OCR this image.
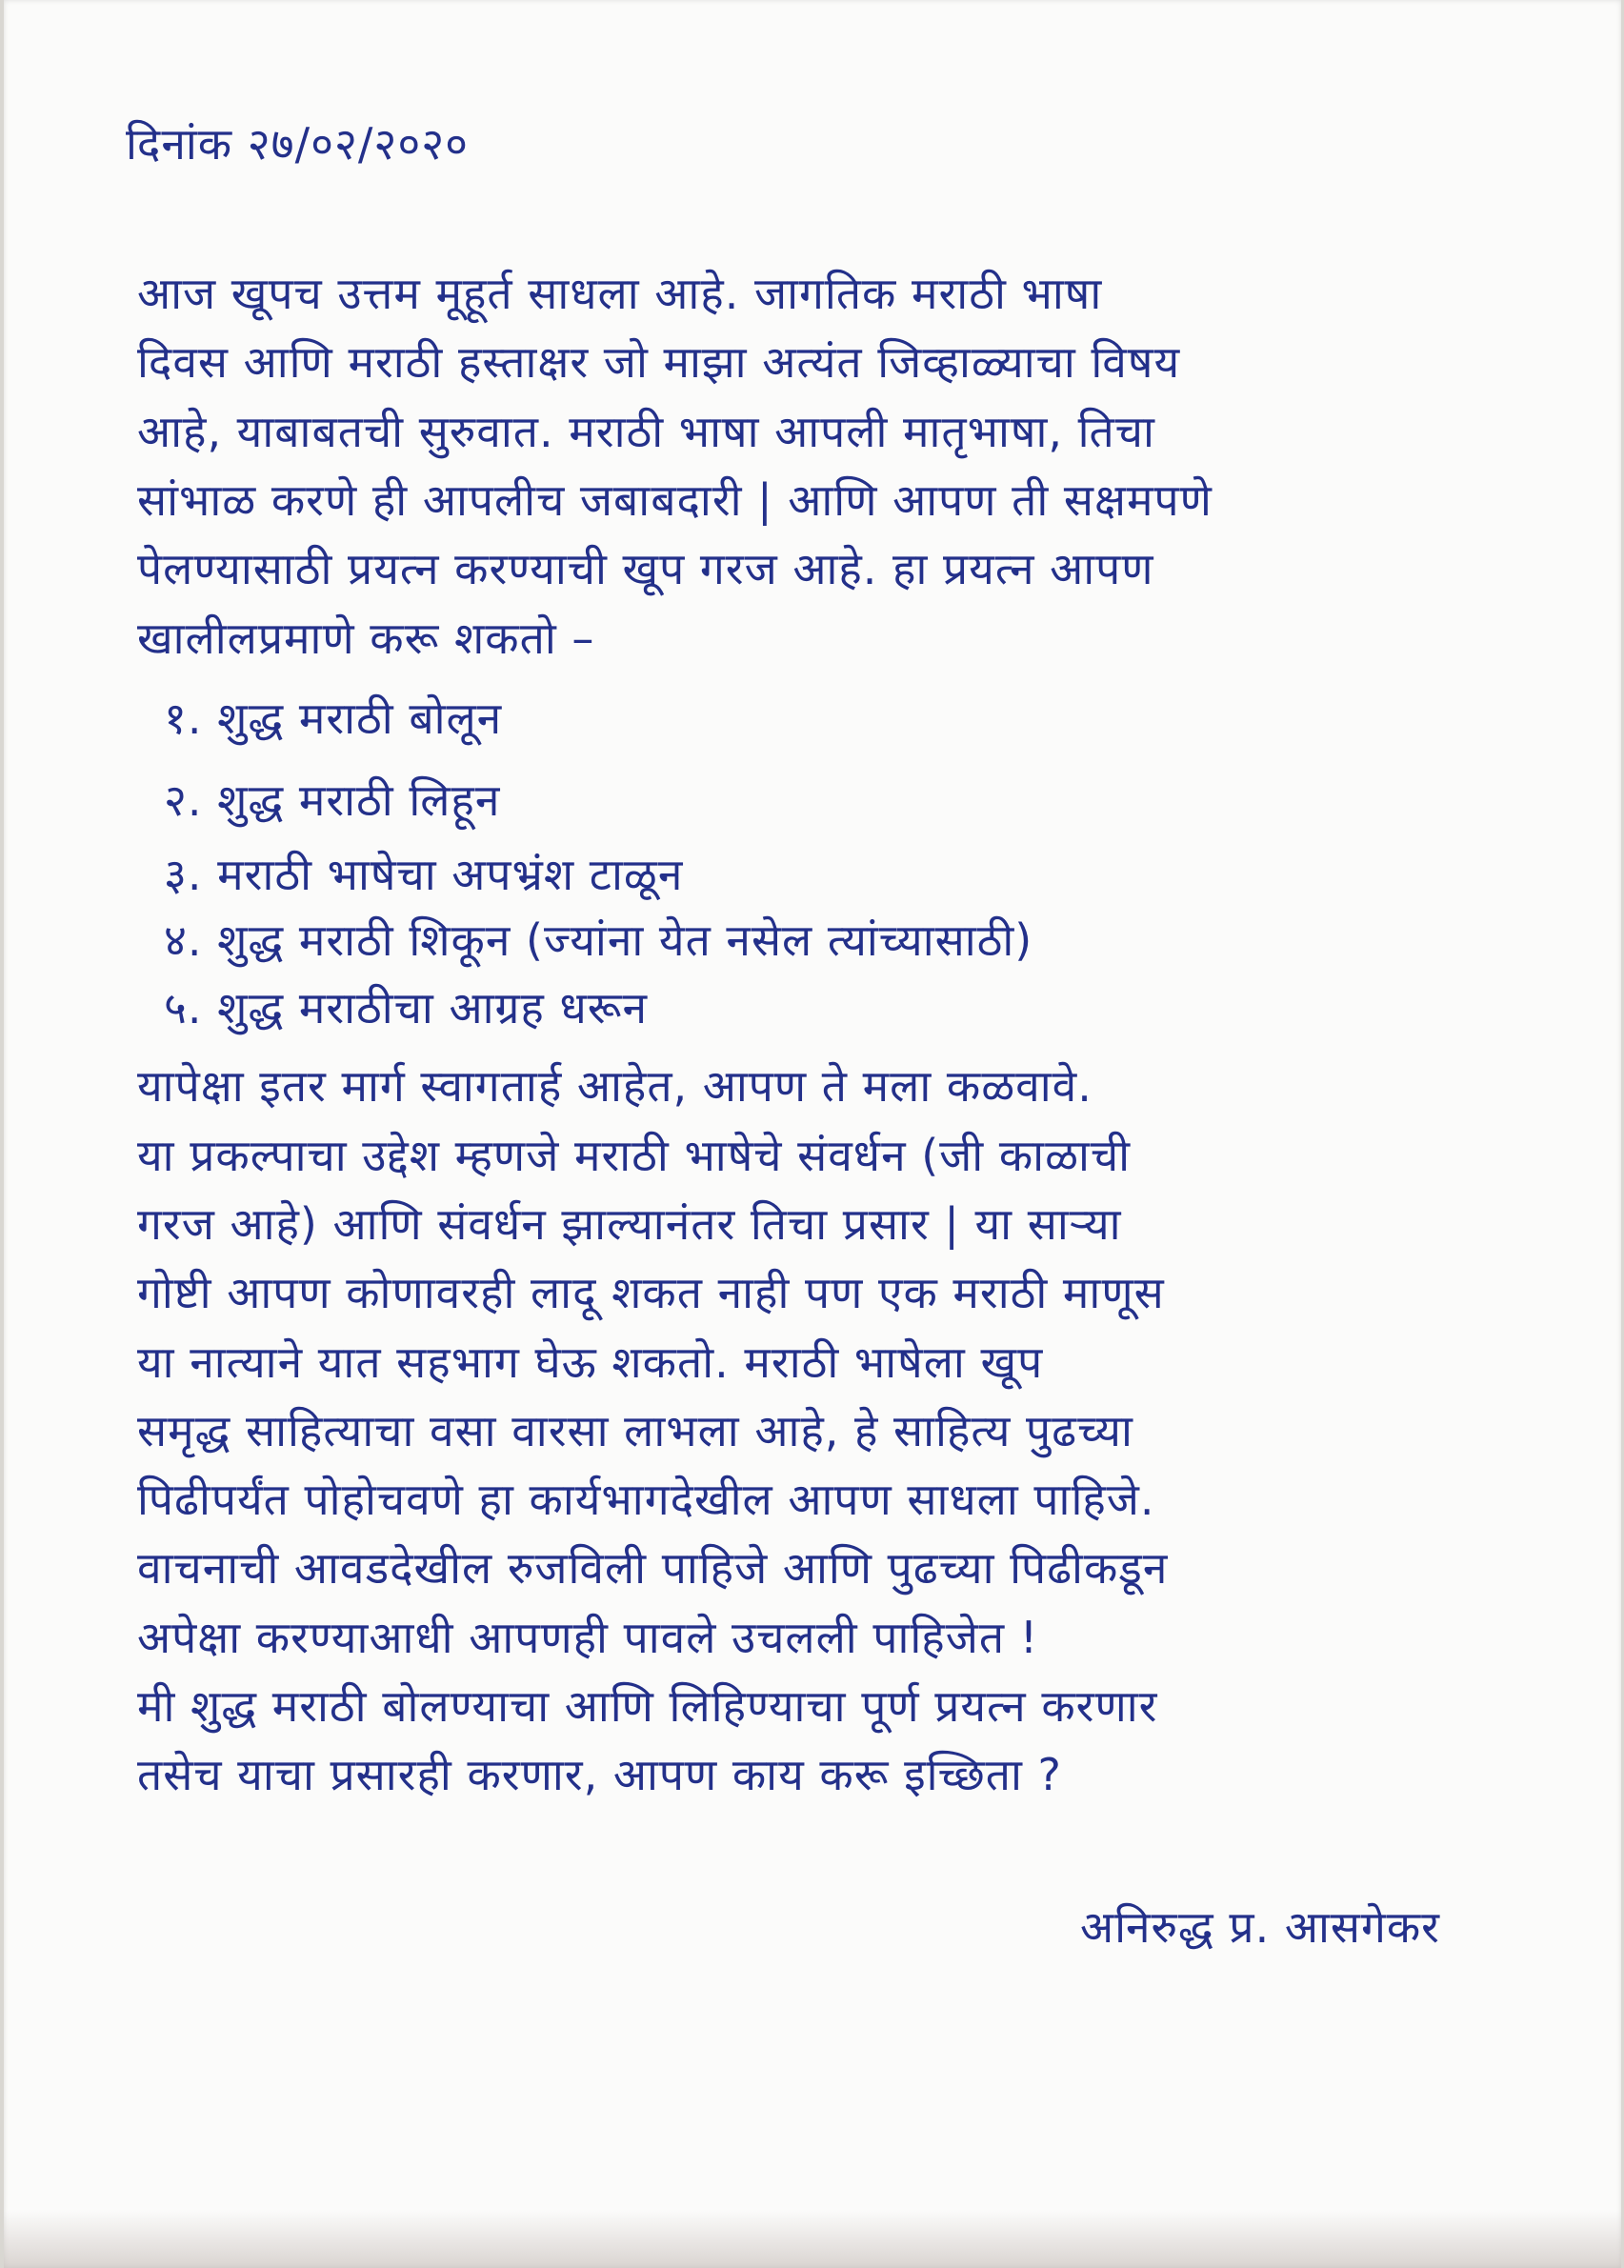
दिनांक २७/०२/२०२०
आज खूपच उत्तम मूहूर्त साधला आहे. जागतिक मराठी भाषा
दिवस आणि मराठी हस्ताक्षर जो माझा अत्यंत जिव्हाळ्याचा विषय
आहे, याबाबतची सुरुवात. मराठी भाषा आपली मातृभाषा, तिचा
सांभाळ करणे ही आपलीच जबाबदारी | आणि आपण ती सक्षमपणे
पेलण्यासाठी प्रयत्न करण्याची खूप गरज आहे. हा प्रयत्न आपण
खालीलप्रमाणे करू शकतो –
१. शुद्ध मराठी बोलून
२. शुद्ध मराठी लिहून
३. मराठी भाषेचा अपभ्रंश टाळून
४. शुद्ध मराठी शिकून (ज्यांना येत नसेल त्यांच्यासाठी)
५. शुद्ध मराठीचा आग्रह धरून
यापेक्षा इतर मार्ग स्वागतार्ह आहेत, आपण ते मला कळवावे.
या प्रकल्पाचा उद्देश म्हणजे मराठी भाषेचे संवर्धन (जी काळाची
गरज आहे) आणि संवर्धन झाल्यानंतर तिचा प्रसार | या साऱ्या
गोष्टी आपण कोणावरही लादू शकत नाही पण एक मराठी माणूस
या नात्याने यात सहभाग घेऊ शकतो. मराठी भाषेला खूप
समृद्ध साहित्याचा वसा वारसा लाभला आहे, हे साहित्य पुढच्या
पिढीपर्यंत पोहोचवणे हा कार्यभागदेखील आपण साधला पाहिजे.
वाचनाची आवडदेखील रुजविली पाहिजे आणि पुढच्या पिढीकडून
अपेक्षा करण्याआधी आपणही पावले उचलली पाहिजेत !
मी शुद्ध मराठी बोलण्याचा आणि लिहिण्याचा पूर्ण प्रयत्न करणार
तसेच याचा प्रसारही करणार, आपण काय करू इच्छिता ?
अनिरुद्ध प्र. आसगेकर
